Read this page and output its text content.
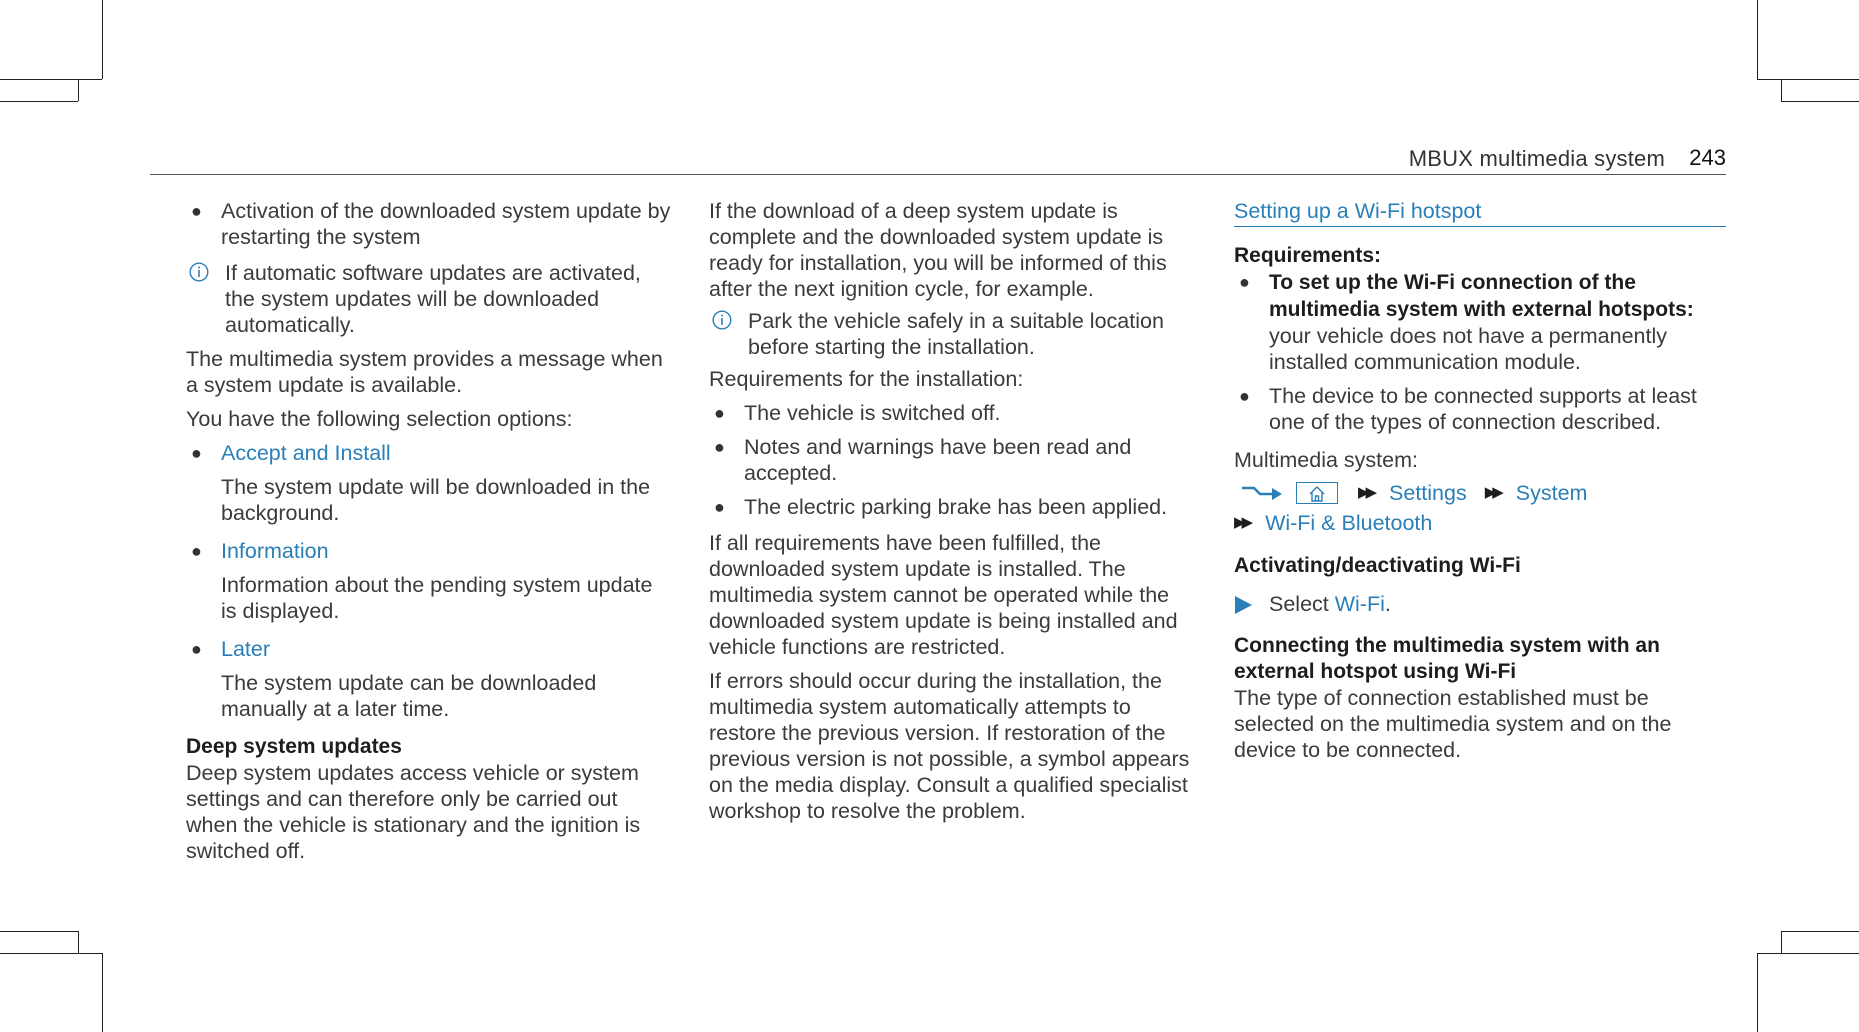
MBUX multimedia system 243
● Activation of the downloaded system update by restarting the system
If automatic software updates are activated, the system updates will be downloaded automatically.

The multimedia system provides a message when a system update is available.

You have the following selection options:

● Accept and Install

The system update will be downloaded in the background.

● Information

Information about the pending system update is displayed.

● Later

The system update can be downloaded manually at a later time.

Deep system updates

Deep system updates access vehicle or system settings and can therefore only be carried out when the vehicle is stationary and the ignition is switched off.

If the download of a deep system update is complete and the downloaded system update is ready for installation, you will be informed of this after the next ignition cycle, for example.

Park the vehicle safely in a suitable location before starting the installation.

Requirements for the installation:

● The vehicle is switched off.
● Notes and warnings have been read and accepted.
● The electric parking brake has been applied.

If all requirements have been fulfilled, the downloaded system update is installed. The multimedia system cannot be operated while the downloaded system update is being installed and vehicle functions are restricted.

If errors should occur during the installation, the multimedia system automatically attempts to restore the previous version. If restoration of the previous version is not possible, a symbol appears on the media display. Consult a qualified specialist workshop to resolve the problem.

Setting up a Wi-Fi hotspot

Requirements:

● To set up the Wi-Fi connection of the multimedia system with external hotspots: your vehicle does not have a permanently installed communication module.
● The device to be connected supports at least one of the types of connection described.

Multimedia system:

▶▶ Settings ▶▶ System
▶▶ Wi-Fi & Bluetooth

Activating/deactivating Wi-Fi

Select Wi-Fi.

Connecting the multimedia system with an external hotspot using Wi-Fi

The type of connection established must be selected on the multimedia system and on the device to be connected.
